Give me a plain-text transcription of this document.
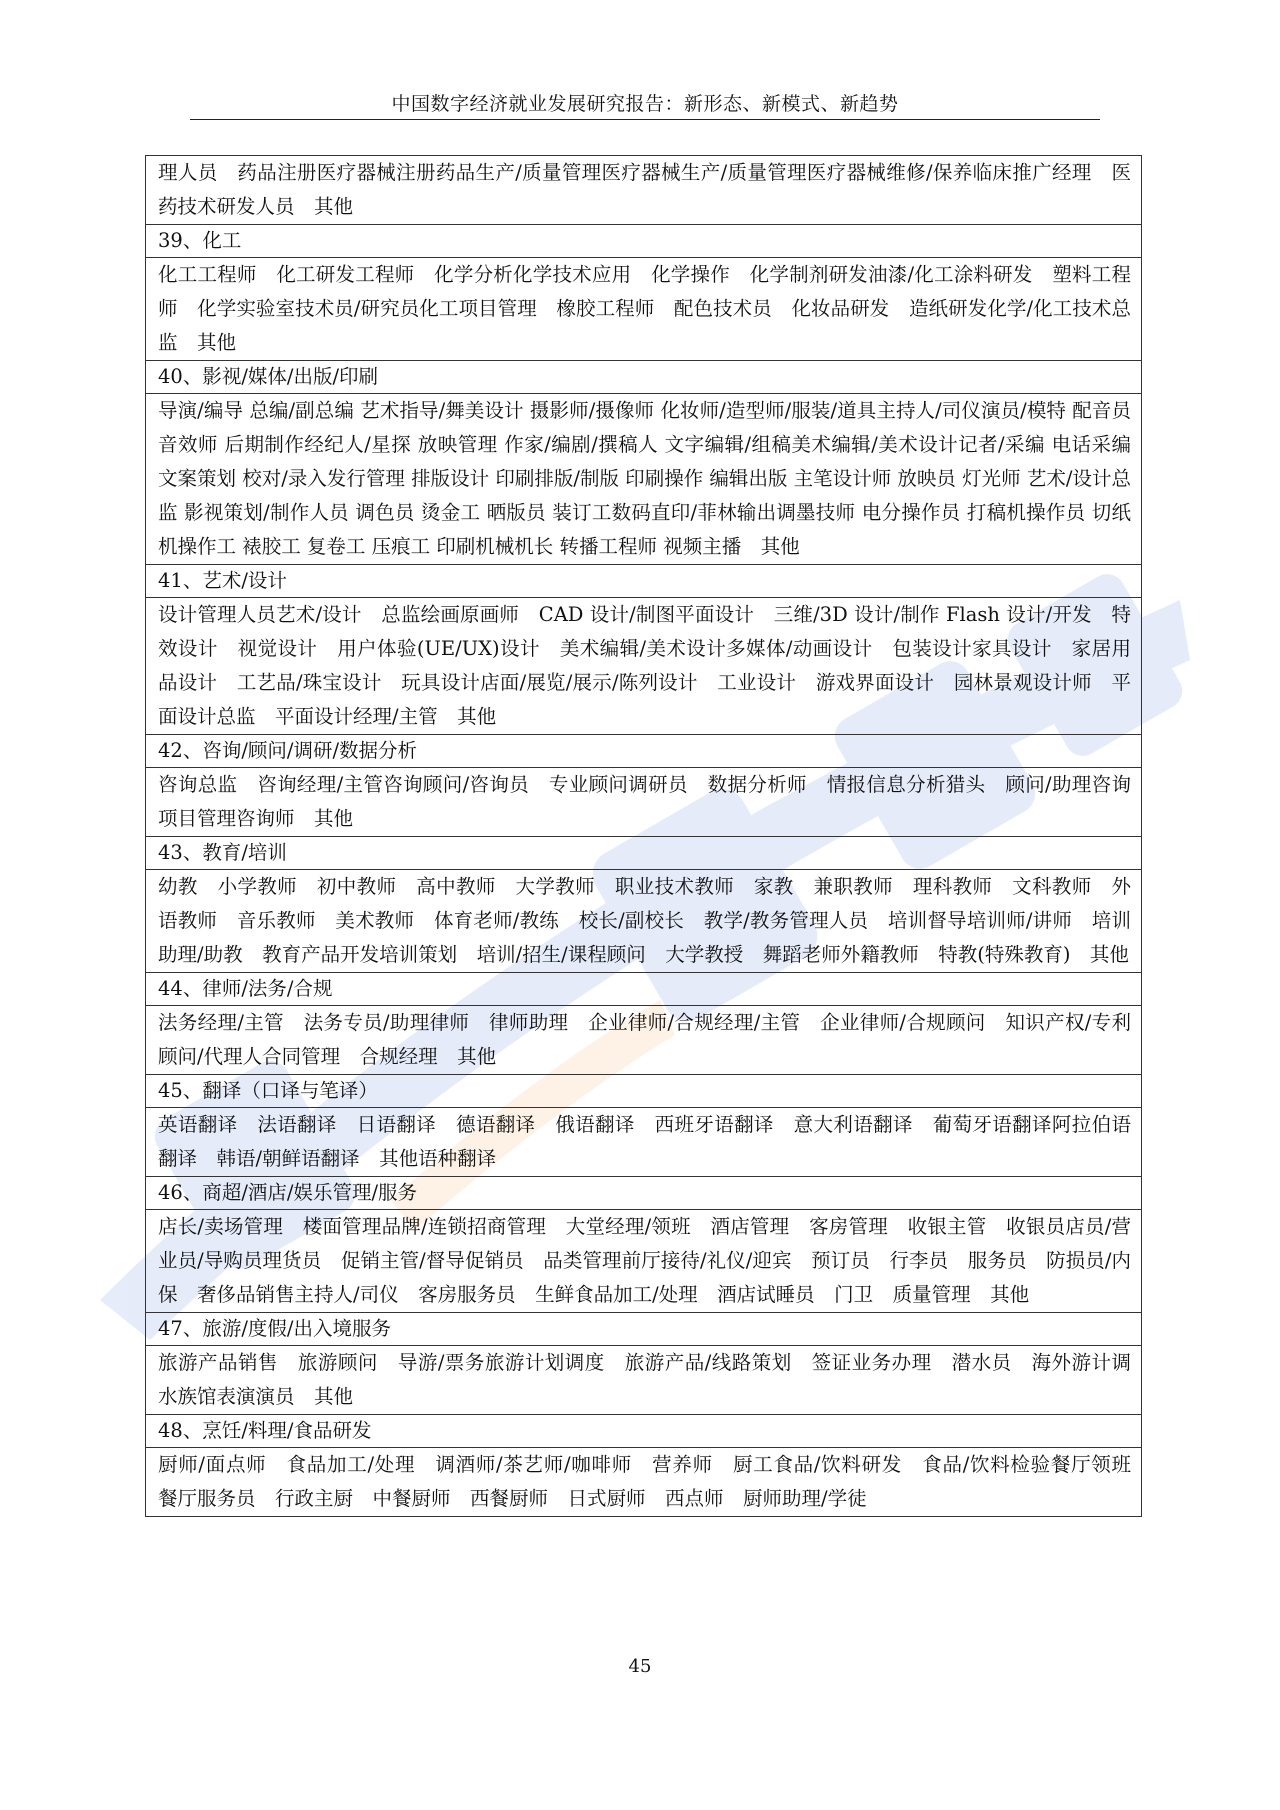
中国数字经济就业发展研究报告：新形态、新模式、新趋势
理人员　药品注册医疗器械注册药品生产/质量管理医疗器械生产/质量管理医疗器械维修/保养临床推广经理　医药技术研发人员　其他
39、化工
化工工程师　化工研发工程师　化学分析化学技术应用　化学操作　化学制剂研发油漆/化工涂料研发　塑料工程师　化学实验室技术员/研究员化工项目管理　橡胶工程师　配色技术员　化妆品研发　造纸研发化学/化工技术总监　其他
40、影视/媒体/出版/印刷
导演/编导 总编/副总编 艺术指导/舞美设计 摄影师/摄像师 化妆师/造型师/服装/道具主持人/司仪演员/模特 配音员 音效师 后期制作经纪人/星探 放映管理 作家/编剧/撰稿人 文字编辑/组稿美术编辑/美术设计记者/采编 电话采编 文案策划 校对/录入发行管理 排版设计 印刷排版/制版 印刷操作 编辑出版 主笔设计师 放映员 灯光师 艺术/设计总监 影视策划/制作人员 调色员 烫金工 晒版员 装订工数码直印/菲林输出调墨技师 电分操作员 打稿机操作员 切纸机操作工 裱胶工 复卷工 压痕工 印刷机械机长 转播工程师 视频主播　其他
41、艺术/设计
设计管理人员艺术/设计　总监绘画原画师　CAD 设计/制图平面设计　三维/3D 设计/制作 Flash 设计/开发　特效设计　视觉设计　用户体验(UE/UX)设计　美术编辑/美术设计多媒体/动画设计　包装设计家具设计　家居用品设计　工艺品/珠宝设计　玩具设计店面/展览/展示/陈列设计　工业设计　游戏界面设计　园林景观设计师　平面设计总监　平面设计经理/主管　其他
42、咨询/顾问/调研/数据分析
咨询总监　咨询经理/主管咨询顾问/咨询员　专业顾问调研员　数据分析师　情报信息分析猎头　顾问/助理咨询　项目管理咨询师　其他
43、教育/培训
幼教　小学教师　初中教师　高中教师　大学教师　职业技术教师　家教　兼职教师　理科教师　文科教师　外语教师　音乐教师　美术教师　体育老师/教练　校长/副校长　教学/教务管理人员　培训督导培训师/讲师　培训助理/助教　教育产品开发培训策划　培训/招生/课程顾问　大学教授　舞蹈老师外籍教师　特教(特殊教育)　其他
44、律师/法务/合规
法务经理/主管　法务专员/助理律师　律师助理　企业律师/合规经理/主管　企业律师/合规顾问　知识产权/专利顾问/代理人合同管理　合规经理　其他
45、翻译（口译与笔译）
英语翻译　法语翻译　日语翻译　德语翻译　俄语翻译　西班牙语翻译　意大利语翻译　葡萄牙语翻译阿拉伯语翻译　韩语/朝鲜语翻译　其他语种翻译
46、商超/酒店/娱乐管理/服务
店长/卖场管理　楼面管理品牌/连锁招商管理　大堂经理/领班　酒店管理　客房管理　收银主管　收银员店员/营业员/导购员理货员　促销主管/督导促销员　品类管理前厅接待/礼仪/迎宾　预订员　行李员　服务员　防损员/内保　奢侈品销售主持人/司仪　客房服务员　生鲜食品加工/处理　酒店试睡员　门卫　质量管理　其他
47、旅游/度假/出入境服务
旅游产品销售　旅游顾问　导游/票务旅游计划调度　旅游产品/线路策划　签证业务办理　潜水员　海外游计调　水族馆表演演员　其他
48、烹饪/料理/食品研发
厨师/面点师　食品加工/处理　调酒师/茶艺师/咖啡师　营养师　厨工食品/饮料研发　食品/饮料检验餐厅领班　餐厅服务员　行政主厨　中餐厨师　西餐厨师　日式厨师　西点师　厨师助理/学徒
45
